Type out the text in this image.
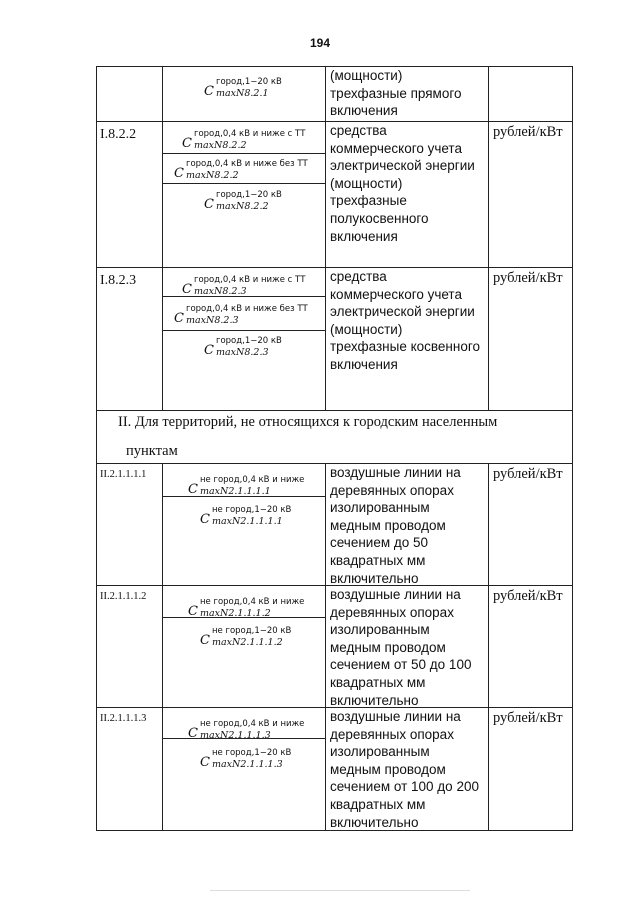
194
II. Для территорий, не относящихся к городским населенным
пунктам
C
город,1−20 кВ
maxN8.2.1
(мощности)
трехфазные прямого
включения
I.8.2.2
C
город,0,4 кВ и ниже с ТТ
maxN8.2.2
C
город,0,4 кВ и ниже без ТТ
maxN8.2.2
C
город,1−20 кВ
maxN8.2.2
средства
коммерческого учета
электрической энергии
(мощности)
трехфазные
полукосвенного
включения
рублей/кВт
I.8.2.3
C
город,0,4 кВ и ниже с ТТ
maxN8.2.3
C
город,0,4 кВ и ниже без ТТ
maxN8.2.3
C
город,1−20 кВ
maxN8.2.3
средства
коммерческого учета
электрической энергии
(мощности)
трехфазные косвенного
включения
рублей/кВт
II.2.1.1.1.1
C
не город,0,4 кВ и ниже
maxN2.1.1.1.1
C
не город,1−20 кВ
maxN2.1.1.1.1
воздушные линии на
деревянных опорах
изолированным
медным проводом
сечением до 50
квадратных мм
включительно
рублей/кВт
II.2.1.1.1.2
C
не город,0,4 кВ и ниже
maxN2.1.1.1.2
C
не город,1−20 кВ
maxN2.1.1.1.2
воздушные линии на
деревянных опорах
изолированным
медным проводом
сечением от 50 до 100
квадратных мм
включительно
рублей/кВт
II.2.1.1.1.3
C
не город,0,4 кВ и ниже
maxN2.1.1.1.3
C
не город,1−20 кВ
maxN2.1.1.1.3
воздушные линии на
деревянных опорах
изолированным
медным проводом
сечением от 100 до 200
квадратных мм
включительно
рублей/кВт
